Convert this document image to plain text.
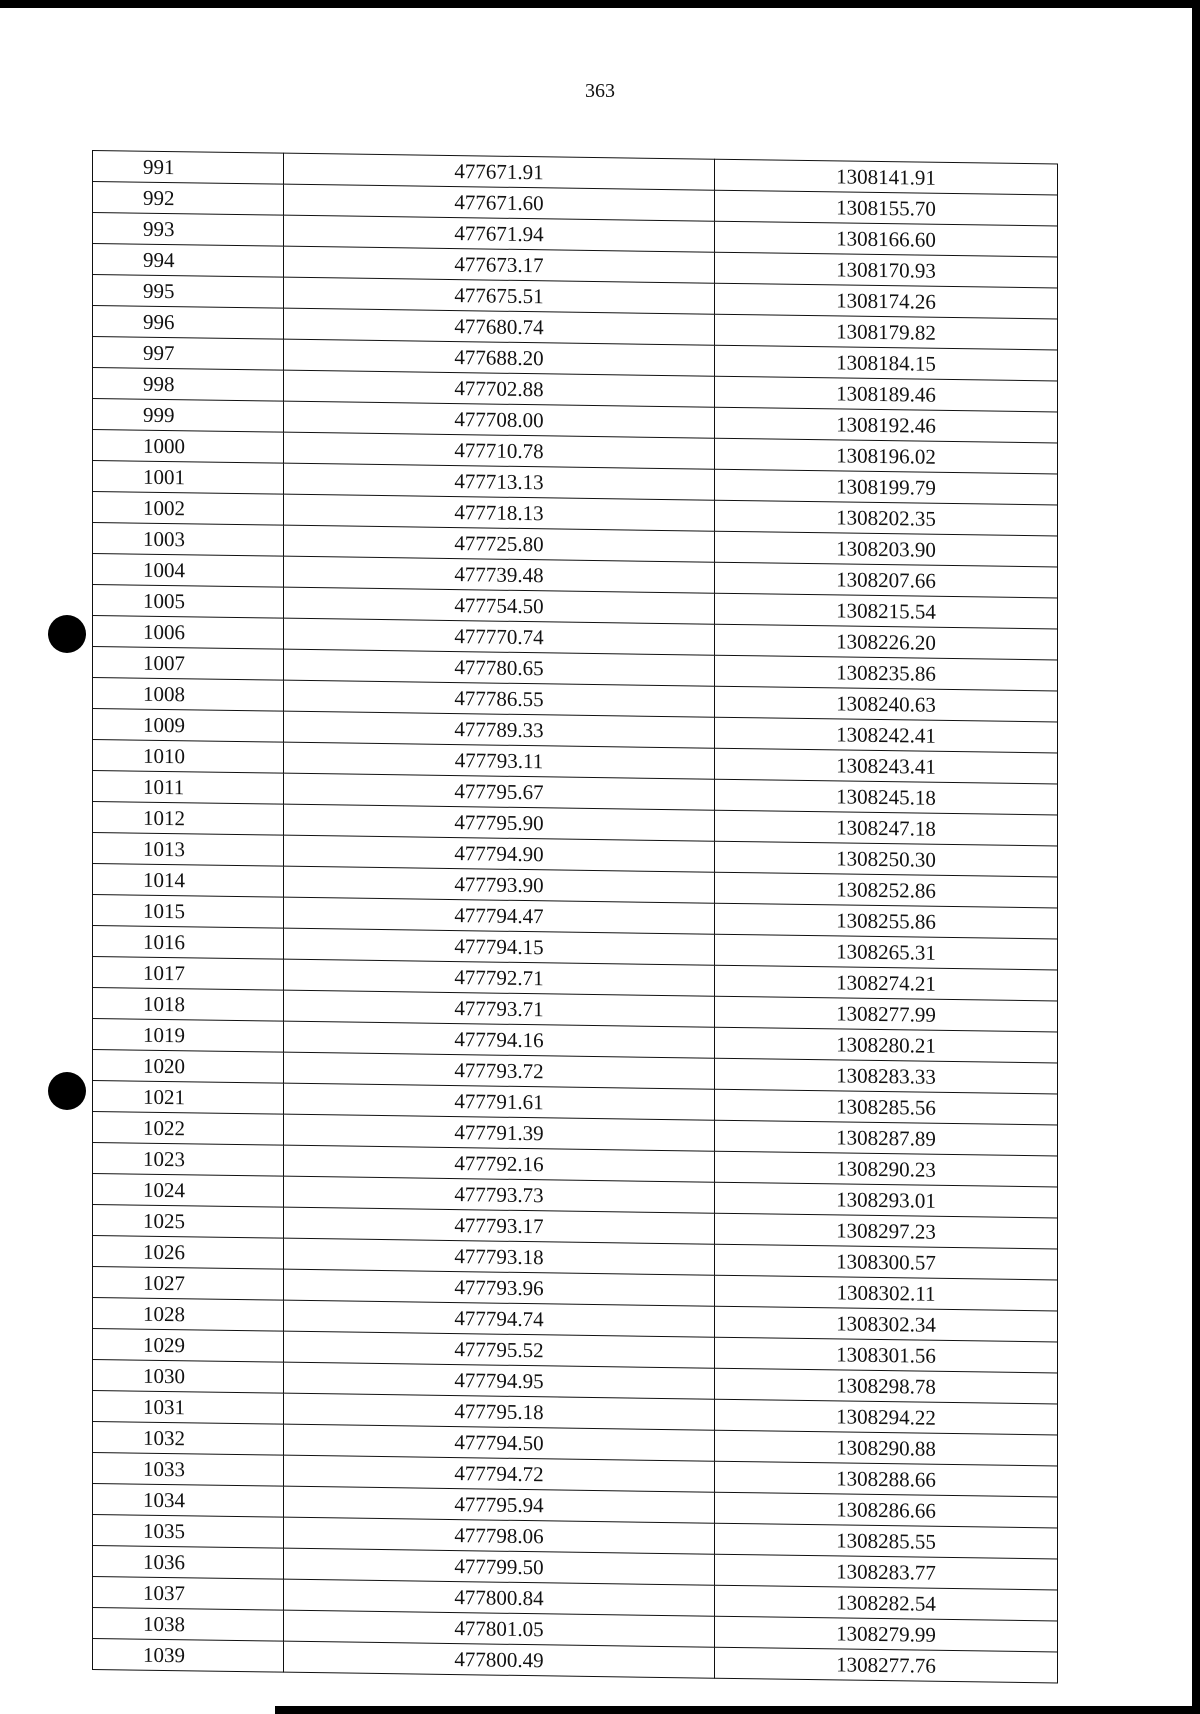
363
991	477671.91	1308141.91
992	477671.60	1308155.70
993	477671.94	1308166.60
994	477673.17	1308170.93
995	477675.51	1308174.26
996	477680.74	1308179.82
997	477688.20	1308184.15
998	477702.88	1308189.46
999	477708.00	1308192.46
1000	477710.78	1308196.02
1001	477713.13	1308199.79
1002	477718.13	1308202.35
1003	477725.80	1308203.90
1004	477739.48	1308207.66
1005	477754.50	1308215.54
1006	477770.74	1308226.20
1007	477780.65	1308235.86
1008	477786.55	1308240.63
1009	477789.33	1308242.41
1010	477793.11	1308243.41
1011	477795.67	1308245.18
1012	477795.90	1308247.18
1013	477794.90	1308250.30
1014	477793.90	1308252.86
1015	477794.47	1308255.86
1016	477794.15	1308265.31
1017	477792.71	1308274.21
1018	477793.71	1308277.99
1019	477794.16	1308280.21
1020	477793.72	1308283.33
1021	477791.61	1308285.56
1022	477791.39	1308287.89
1023	477792.16	1308290.23
1024	477793.73	1308293.01
1025	477793.17	1308297.23
1026	477793.18	1308300.57
1027	477793.96	1308302.11
1028	477794.74	1308302.34
1029	477795.52	1308301.56
1030	477794.95	1308298.78
1031	477795.18	1308294.22
1032	477794.50	1308290.88
1033	477794.72	1308288.66
1034	477795.94	1308286.66
1035	477798.06	1308285.55
1036	477799.50	1308283.77
1037	477800.84	1308282.54
1038	477801.05	1308279.99
1039	477800.49	1308277.76
